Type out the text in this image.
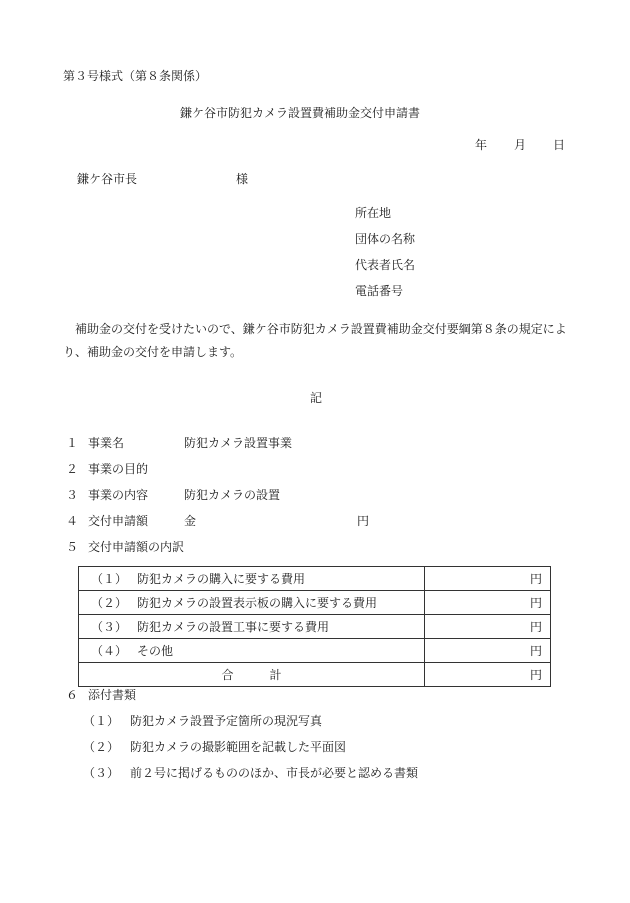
第３号様式（第８条関係）
鎌ケ谷市防犯カメラ設置費補助金交付申請書
年 月 日
鎌ケ谷市長	様
所在地
団体の名称
代表者氏名
電話番号

補助金の交付を受けたいので、鎌ケ谷市防犯カメラ設置費補助金交付要綱第８条の規定により、補助金の交付を申請します。

記
１ 事業名	防犯カメラ設置事業
２ 事業の目的
３ 事業の内容	防犯カメラの設置
４ 交付申請額	金	円
５ 交付申請額の内訳
（１） 防犯カメラの購入に要する費用	円
（２） 防犯カメラの設置表示板の購入に要する費用	円
（３） 防犯カメラの設置工事に要する費用	円
（４） その他	円
合 計	円
６ 添付書類
（１） 防犯カメラ設置予定箇所の現況写真
（２） 防犯カメラの撮影範囲を記載した平面図
（３） 前２号に掲げるもののほか、市長が必要と認める書類
